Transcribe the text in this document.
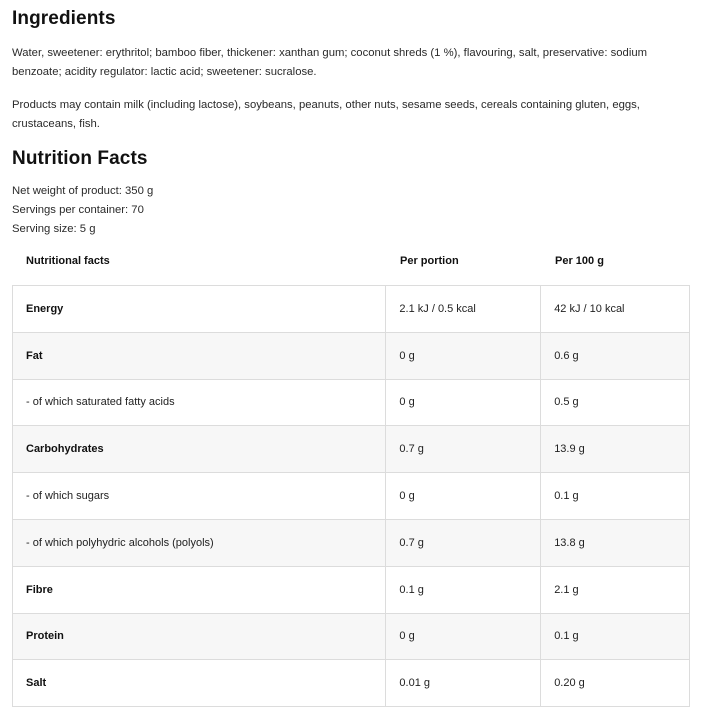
Ingredients

Water, sweetener: erythritol; bamboo fiber, thickener: xanthan gum; coconut shreds (1 %), flavouring, salt, preservative: sodium benzoate; acidity regulator: lactic acid; sweetener: sucralose.

Products may contain milk (including lactose), soybeans, peanuts, other nuts, sesame seeds, cereals containing gluten, eggs, crustaceans, fish.

Nutrition Facts
Net weight of product: 350 g
Servings per container: 70
Serving size: 5 g
Nutritional facts	Per portion	Per 100 g
Energy	2.1 kJ / 0.5 kcal	42 kJ / 10 kcal
Fat	0 g	0.6 g
- of which saturated fatty acids	0 g	0.5 g
Carbohydrates	0.7 g	13.9 g
- of which sugars	0 g	0.1 g
- of which polyhydric alcohols (polyols)	0.7 g	13.8 g
Fibre	0.1 g	2.1 g
Protein	0 g	0.1 g
Salt	0.01 g	0.20 g
